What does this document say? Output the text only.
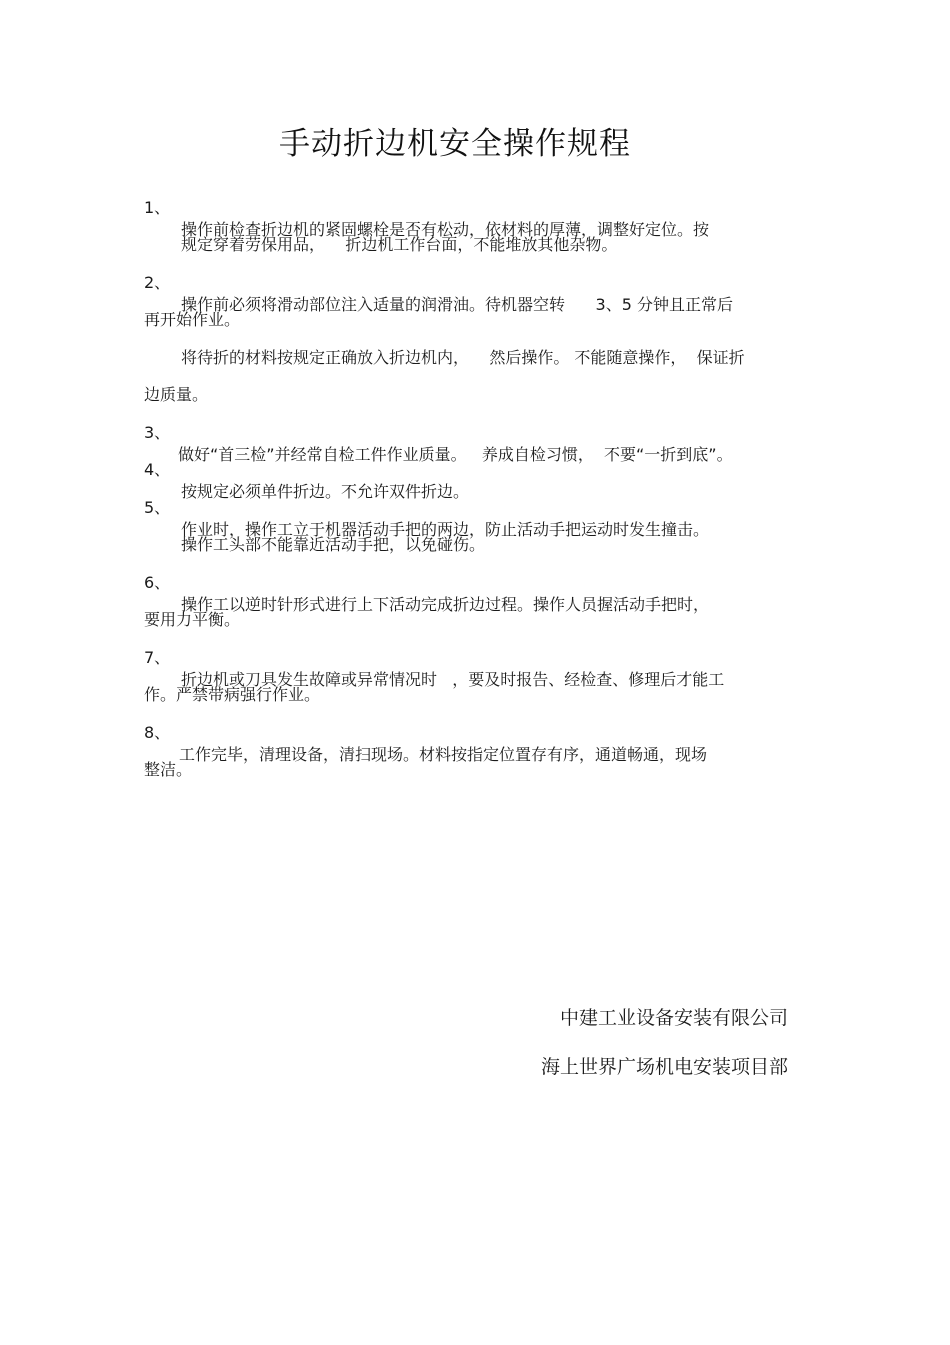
手动折边机安全操作规程

1、

操作前检查折边机的紧固螺栓是否有松动，依材料的厚薄，调整好定位。按

规定穿着劳保用品，    折边机工作台面，不能堆放其他杂物。

2、

操作前必须将滑动部位注入适量的润滑油。待机器空转      3、5 分钟且正常后

再开始作业。

将待折的材料按规定正确放入折边机内，    然后操作。 不能随意操作，  保证折

边质量。

3、

做好“首三检”并经常自检工件作业质量。   养成自检习惯，  不要“一折到底”。

4、

按规定必须单件折边。不允许双件折边。

5、

作业时，操作工立于机器活动手把的两边，防止活动手把运动时发生撞击。

操作工头部不能靠近活动手把，以免碰伤。

6、

操作工以逆时针形式进行上下活动完成折边过程。操作人员握活动手把时，

要用力平衡。

7、

折边机或刀具发生故障或异常情况时   ，要及时报告、经检查、修理后才能工

作。严禁带病强行作业。

8、

工作完毕，清理设备，清扫现场。材料按指定位置存有序，通道畅通，现场

整洁。

中建工业设备安装有限公司
海上世界广场机电安装项目部
